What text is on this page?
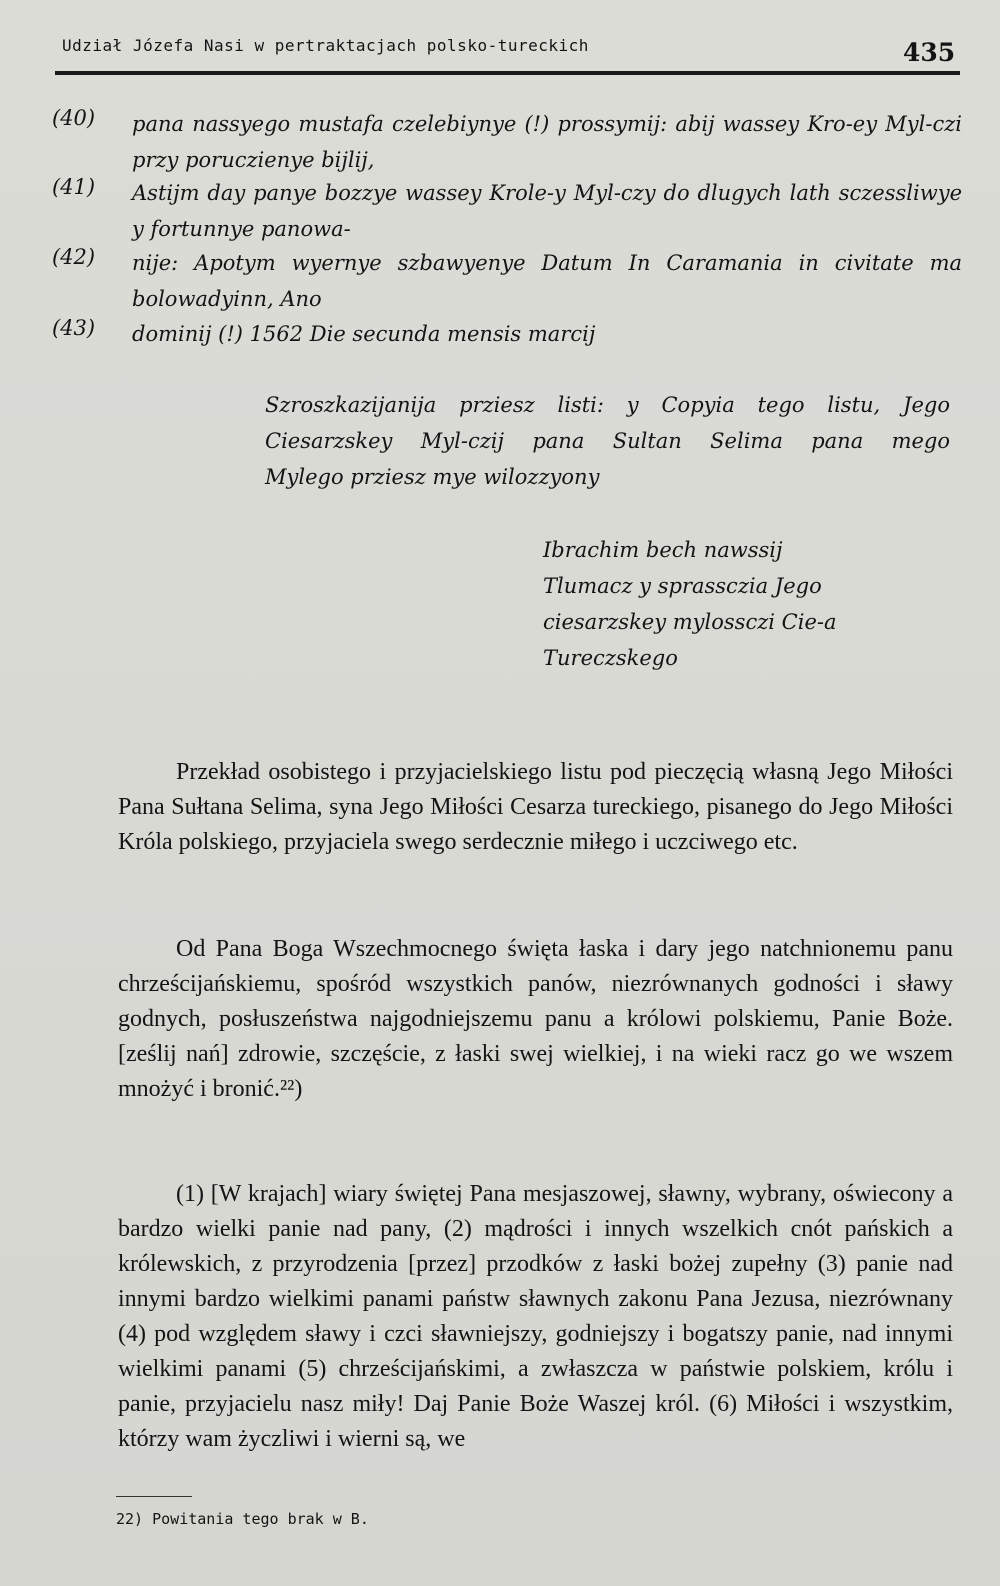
Udział Józefa Nasi w pertraktacjach polsko-tureckich	435
(40) pana nassyego mustafa czelebiynye (!) prossymij: abij wassey Kro-ey Myl-czi przy poruczienye bijlij,
(41) Astijm day panye bozzye wassey Krole-y Myl-czy do dlugych lath sczessliwye y fortunnye panowa-
(42) nije: Apotym wyernye szbawyenye Datum In Caramania in civitate ma bolowadyinn, Ano
(43) dominij (!) 1562 Die secunda mensis marcij
Szroszkazijanija prziesz listi: y Copyia tego listu, Jego
Ciesarzskey Myl-czij pana Sultan Selima pana mego
Mylego prziesz mye wilozzyony
Ibrachim bech nawssij
Tlumacz y sprassczia Jego
ciesarzskey mylossczi Cie-a
Tureczskego

Przekład osobistego i przyjacielskiego listu pod pieczęcią własną Jego Miłości Pana Sułtana Selima, syna Jego Miłości Cesarza tureckiego, pisanego do Jego Miłości Króla polskiego, przyjaciela swego serdecznie miłego i uczciwego etc.

Od Pana Boga Wszechmocnego święta łaska i dary jego natchnionemu panu chrześcijańskiemu, spośród wszystkich panów, niezrównanych godności i sławy godnych, posłuszeństwa najgodniejszemu panu a królowi polskiemu, Panie Boże. [ześlij nań] zdrowie, szczęście, z łaski swej wielkiej, i na wieki racz go we wszem mnożyć i bronić.²²)

(1) [W krajach] wiary świętej Pana mesjaszowej, sławny, wybrany, oświecony a bardzo wielki panie nad pany, (2) mądrości i innych wszelkich cnót pańskich a królewskich, z przyrodzenia [przez] przodków z łaski bożej zupełny (3) panie nad innymi bardzo wielkimi panami państw sławnych zakonu Pana Jezusa, niezrównany (4) pod względem sławy i czci sławniejszy, godniejszy i bogatszy panie, nad innymi wielkimi panami (5) chrześcijańskimi, a zwłaszcza w państwie polskiem, królu i panie, przyjacielu nasz miły! Daj Panie Boże Waszej król. (6) Miłości i wszystkim, którzy wam życzliwi i wierni są, we

22) Powitania tego brak w B.
